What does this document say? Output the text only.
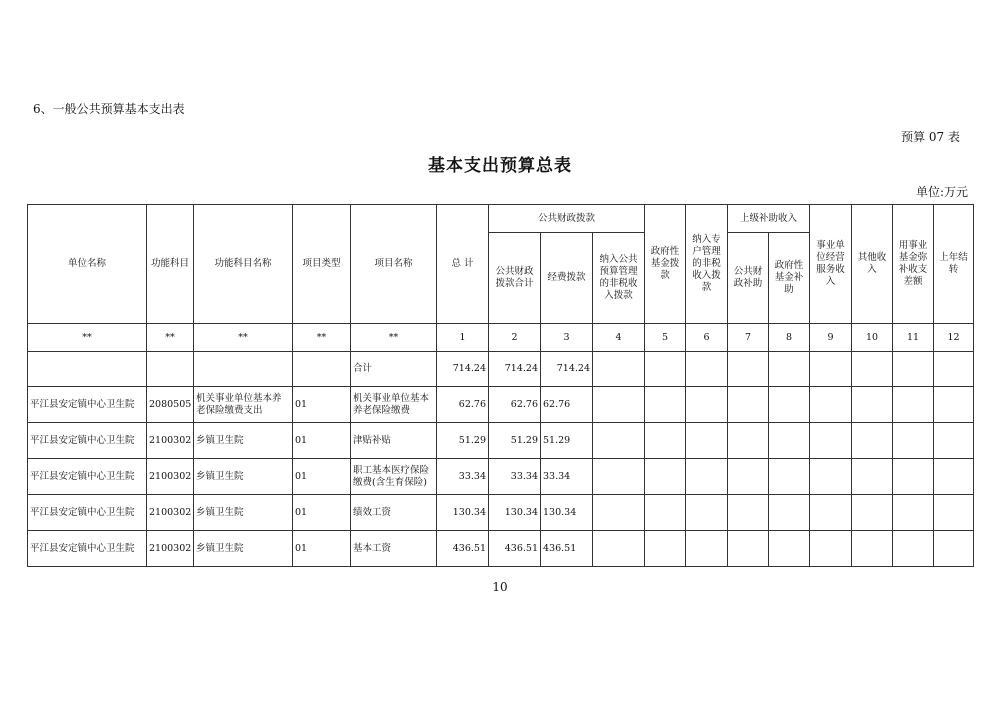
6、一般公共预算基本支出表
预算 07 表
基本支出预算总表
单位:万元
单位名称	功能科目	功能科目名称	项目类型	项目名称	总 计	公共财政拨款			政府性基金拨款	纳入专户管理的非税收入拨款	上级补助收入		事业单位经营服务收入	其他收入	用事业基金弥补收支差额	上年结转
						公共财政拨款合计	经费拨款	纳入公共预算管理的非税收入拨款			公共财政补助	政府性基金补助				
**	**	**	**	**	1	2	3	4	5	6	7	8	9	10	11	12
				合计	714.24	714.24	714.24									
平江县安定镇中心卫生院	2080505	机关事业单位基本养老保险缴费支出	01	机关事业单位基本养老保险缴费	62.76	62.76	62.76									
平江县安定镇中心卫生院	2100302	乡镇卫生院	01	津贴补贴	51.29	51.29	51.29									
平江县安定镇中心卫生院	2100302	乡镇卫生院	01	职工基本医疗保险缴费(含生育保险)	33.34	33.34	33.34									
平江县安定镇中心卫生院	2100302	乡镇卫生院	01	绩效工资	130.34	130.34	130.34									
平江县安定镇中心卫生院	2100302	乡镇卫生院	01	基本工资	436.51	436.51	436.51									
10
